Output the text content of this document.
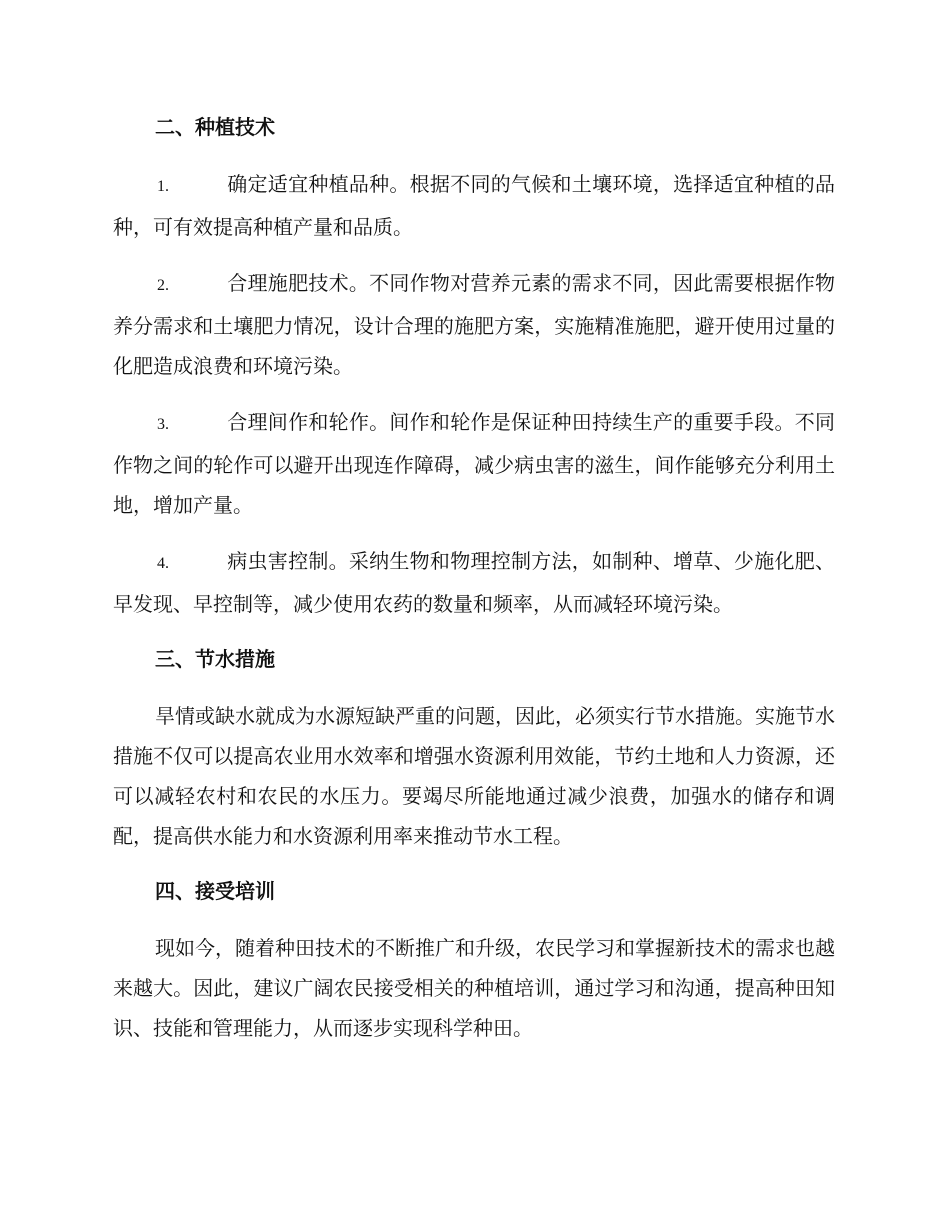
二、种植技术

1.	确定适宜种植品种。根据不同的气候和土壤环境，选择适宜种植的品种，可有效提高种植产量和品质。

2.	合理施肥技术。不同作物对营养元素的需求不同，因此需要根据作物养分需求和土壤肥力情况，设计合理的施肥方案，实施精准施肥，避开使用过量的化肥造成浪费和环境污染。

3.	合理间作和轮作。间作和轮作是保证种田持续生产的重要手段。不同作物之间的轮作可以避开出现连作障碍，减少病虫害的滋生，间作能够充分利用土地，增加产量。

4.	病虫害控制。采纳生物和物理控制方法，如制种、增草、少施化肥、早发现、早控制等，减少使用农药的数量和频率，从而减轻环境污染。

三、节水措施

旱情或缺水就成为水源短缺严重的问题，因此，必须实行节水措施。实施节水措施不仅可以提高农业用水效率和增强水资源利用效能，节约土地和人力资源，还可以减轻农村和农民的水压力。要竭尽所能地通过减少浪费，加强水的储存和调配，提高供水能力和水资源利用率来推动节水工程。

四、接受培训

现如今，随着种田技术的不断推广和升级，农民学习和掌握新技术的需求也越来越大。因此，建议广阔农民接受相关的种植培训，通过学习和沟通，提高种田知识、技能和管理能力，从而逐步实现科学种田。
